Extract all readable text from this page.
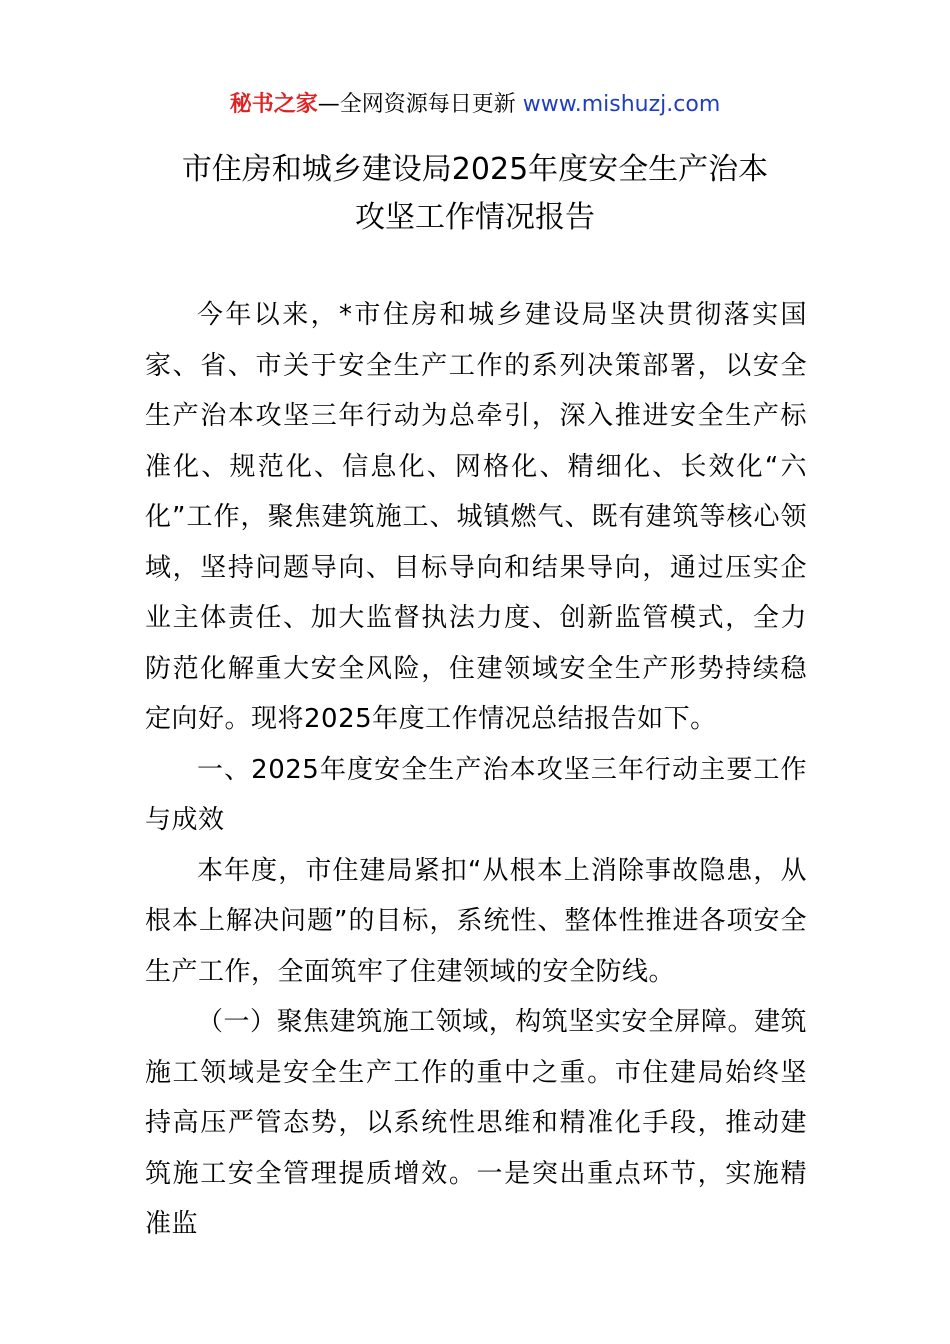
秘书之家—全网资源每日更新 www.mishuzj.com
市住房和城乡建设局2025年度安全生产治本
攻坚工作情况报告

今年以来，*市住房和城乡建设局坚决贯彻落实国家、省、市关于安全生产工作的系列决策部署，以安全生产治本攻坚三年行动为总牵引，深入推进安全生产标准化、规范化、信息化、网格化、精细化、长效化“六化”工作，聚焦建筑施工、城镇燃气、既有建筑等核心领域，坚持问题导向、目标导向和结果导向，通过压实企业主体责任、加大监督执法力度、创新监管模式，全力防范化解重大安全风险，住建领域安全生产形势持续稳定向好。现将2025年度工作情况总结报告如下。

一、2025年度安全生产治本攻坚三年行动主要工作与成效

本年度，市住建局紧扣“从根本上消除事故隐患，从根本上解决问题”的目标，系统性、整体性推进各项安全生产工作，全面筑牢了住建领域的安全防线。

（一）聚焦建筑施工领域，构筑坚实安全屏障。建筑施工领域是安全生产工作的重中之重。市住建局始终坚持高压严管态势，以系统性思维和精准化手段，推动建筑施工安全管理提质增效。一是突出重点环节，实施精准监
